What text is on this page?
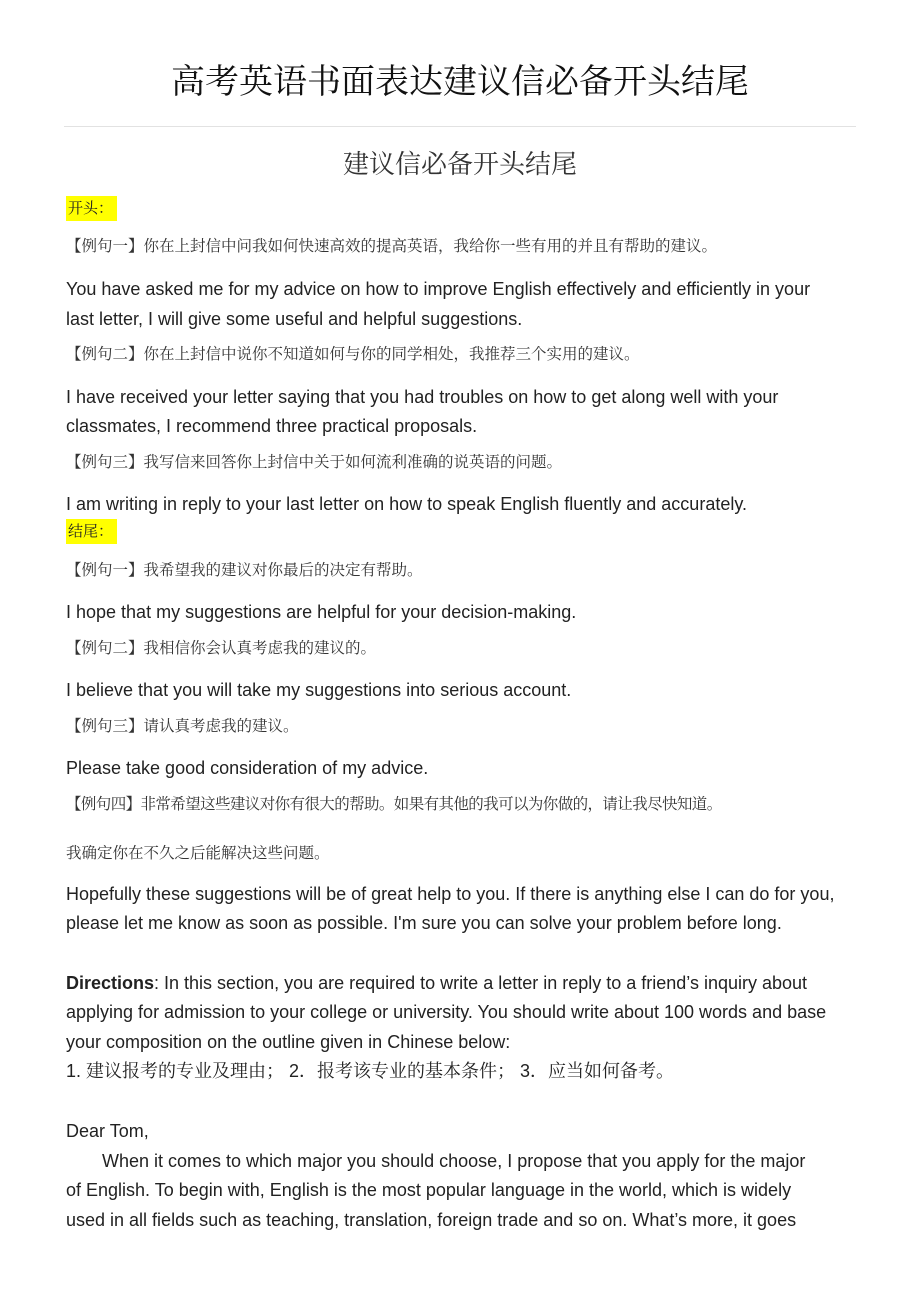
高考英语书面表达建议信必备开头结尾
建议信必备开头结尾
开头：
【例句一】你在上封信中问我如何快速高效的提高英语，我给你一些有用的并且有帮助的建议。
You have asked me for my advice on how to improve English effectively and efficiently in your
last letter, I will give some useful and helpful suggestions.
【例句二】你在上封信中说你不知道如何与你的同学相处，我推荐三个实用的建议。
I have received your letter saying that you had troubles on how to get along well with your
classmates, I recommend three practical proposals.
【例句三】我写信来回答你上封信中关于如何流利准确的说英语的问题。
I am writing in reply to your last letter on how to speak English fluently and accurately.
结尾：
【例句一】我希望我的建议对你最后的决定有帮助。
I hope that my suggestions are helpful for your decision-making.
【例句二】我相信你会认真考虑我的建议的。
I believe that you will take my suggestions into serious account.
【例句三】请认真考虑我的建议。
Please take good consideration of my advice.
【例句四】非常希望这些建议对你有很大的帮助。如果有其他的我可以为你做的，请让我尽快知道。
我确定你在不久之后能解决这些问题。
Hopefully these suggestions will be of great help to you. If there is anything else I can do for you,
please let me know as soon as possible. I'm sure you can solve your problem before long.
Directions: In this section, you are required to write a letter in reply to a friend’s inquiry about
applying for admission to your college or university. You should write about 100 words and base
your composition on the outline given in Chinese below:
1. 建议报考的专业及理由； 2．报考该专业的基本条件； 3．应当如何备考。
Dear Tom,
When it comes to which major you should choose, I propose that you apply for the major
of English. To begin with, English is the most popular language in the world, which is widely
used in all fields such as teaching, translation, foreign trade and so on. What’s more, it goes
